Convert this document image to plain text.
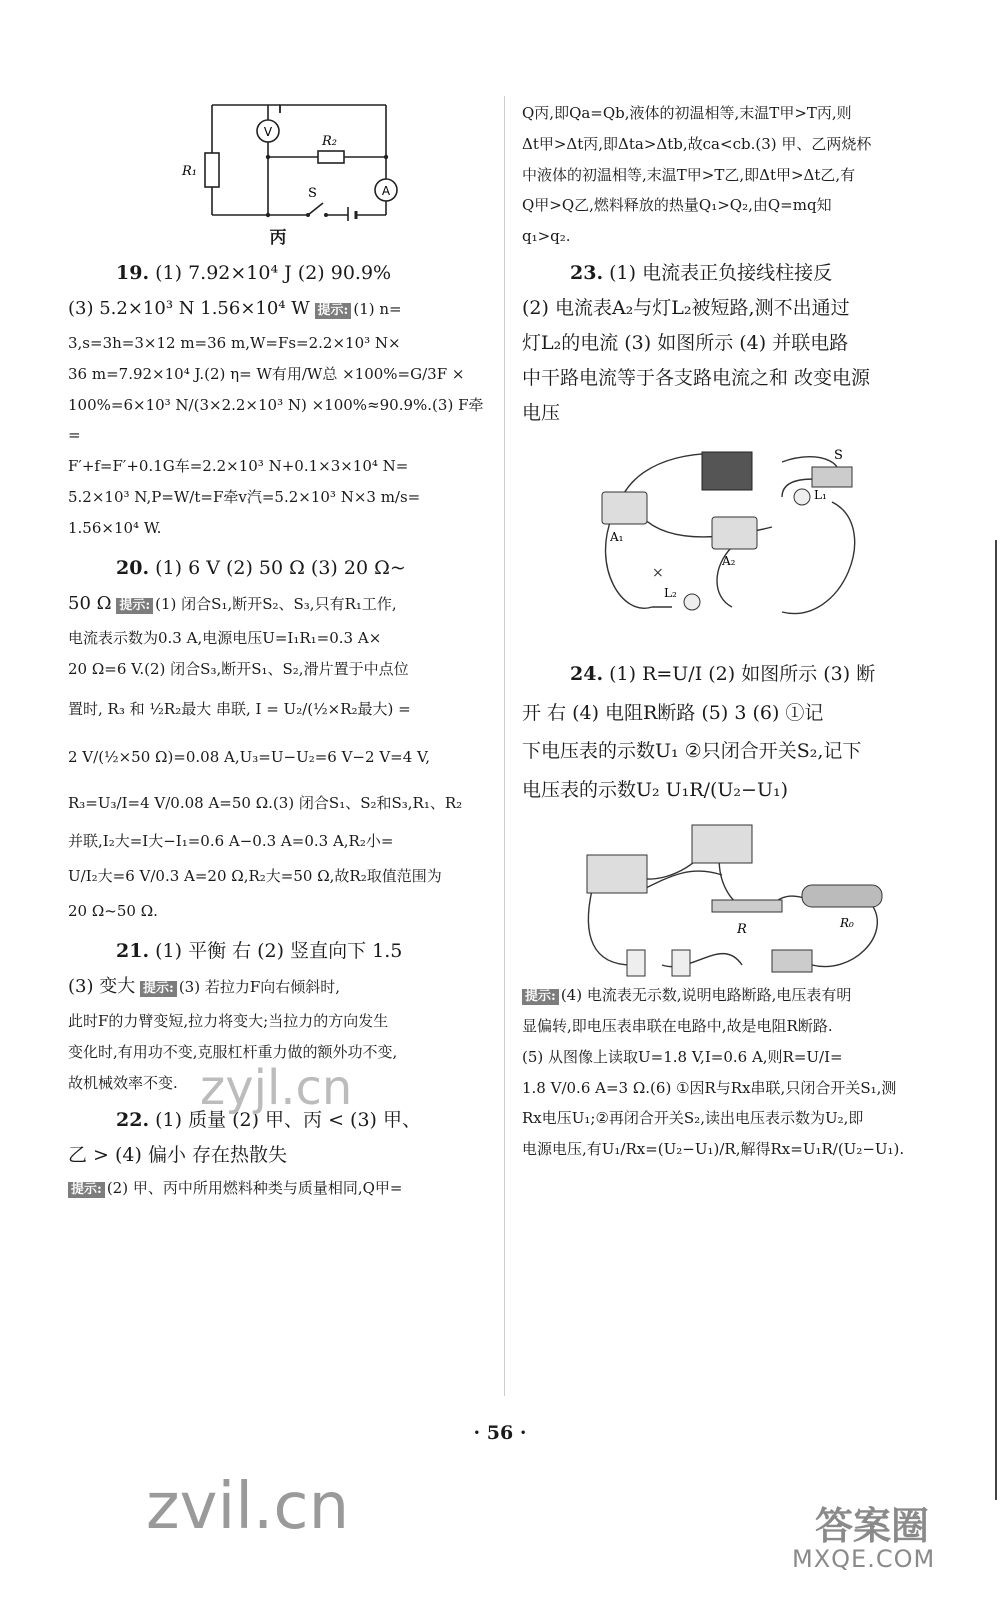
V
A
R₁
R₂
S
丙

19. (1) 7.92×10⁴ J (2) 90.9%

(3) 5.2×10³ N 1.56×10⁴ W 提示: (1) n=

3,s=3h=3×12 m=36 m,W=Fs=2.2×10³ N×

36 m=7.92×10⁴ J.(2) η= W有用/W总 ×100%=G/3F ×

100%=6×10³ N/(3×2.2×10³ N) ×100%≈90.9%.(3) F牵=

F′+f=F′+0.1G车=2.2×10³ N+0.1×3×10⁴ N=

5.2×10³ N,P=W/t=F牵v汽=5.2×10³ N×3 m/s=

1.56×10⁴ W.

20. (1) 6 V (2) 50 Ω (3) 20 Ω~

50 Ω 提示: (1) 闭合S₁,断开S₂、S₃,只有R₁工作,

电流表示数为0.3 A,电源电压U=I₁R₁=0.3 A×

20 Ω=6 V.(2) 闭合S₃,断开S₁、S₂,滑片置于中点位

置时, R₃ 和 ½R₂最大 串联, I = U₂/(½×R₂最大) =

2 V/(½×50 Ω)=0.08 A,U₃=U−U₂=6 V−2 V=4 V,

R₃=U₃/I=4 V/0.08 A=50 Ω.(3) 闭合S₁、S₂和S₃,R₁、R₂

并联,I₂大=I大−I₁=0.6 A−0.3 A=0.3 A,R₂小=

U/I₂大=6 V/0.3 A=20 Ω,R₂大=50 Ω,故R₂取值范围为

20 Ω~50 Ω.

21. (1) 平衡 右 (2) 竖直向下 1.5

(3) 变大 提示: (3) 若拉力F向右倾斜时,

此时F的力臂变短,拉力将变大;当拉力的方向发生

变化时,有用功不变,克服杠杆重力做的额外功不变,

故机械效率不变.

22. (1) 质量 (2) 甲、丙 < (3) 甲、

乙 > (4) 偏小 存在热散失

提示: (2) 甲、丙中所用燃料种类与质量相同,Q甲=

Q丙,即Qa=Qb,液体的初温相等,末温T甲>T丙,则

Δt甲>Δt丙,即Δta>Δtb,故ca<cb.(3) 甲、乙两烧杯

中液体的初温相等,末温T甲>T乙,即Δt甲>Δt乙,有

Q甲>Q乙,燃料释放的热量Q₁>Q₂,由Q=mq知

q₁>q₂.

23. (1) 电流表正负接线柱接反

(2) 电流表A₂与灯L₂被短路,测不出通过

灯L₂的电流 (3) 如图所示 (4) 并联电路

中干路电流等于各支路电流之和 改变电源

电压

×
S
L₁
A₁
A₂
L₂

24. (1) R=U/I (2) 如图所示 (3) 断

开 右 (4) 电阻R断路 (5) 3 (6) ①记

下电压表的示数U₁ ②只闭合开关S₂,记下

电压表的示数U₂ U₁R/(U₂−U₁)

R	R₀

提示: (4) 电流表无示数,说明电路断路,电压表有明

显偏转,即电压表串联在电路中,故是电阻R断路.

(5) 从图像上读取U=1.8 V,I=0.6 A,则R=U/I=

1.8 V/0.6 A=3 Ω.(6) ①因R与Rx串联,只闭合开关S₁,测

Rx电压U₁;②再闭合开关S₂,读出电压表示数为U₂,即

电源电压,有U₁/Rx=(U₂−U₁)/R,解得Rx=U₁R/(U₂−U₁).

· 56 ·
zyjl.cn
zvil.cn	答案圈
MXQE.COM
